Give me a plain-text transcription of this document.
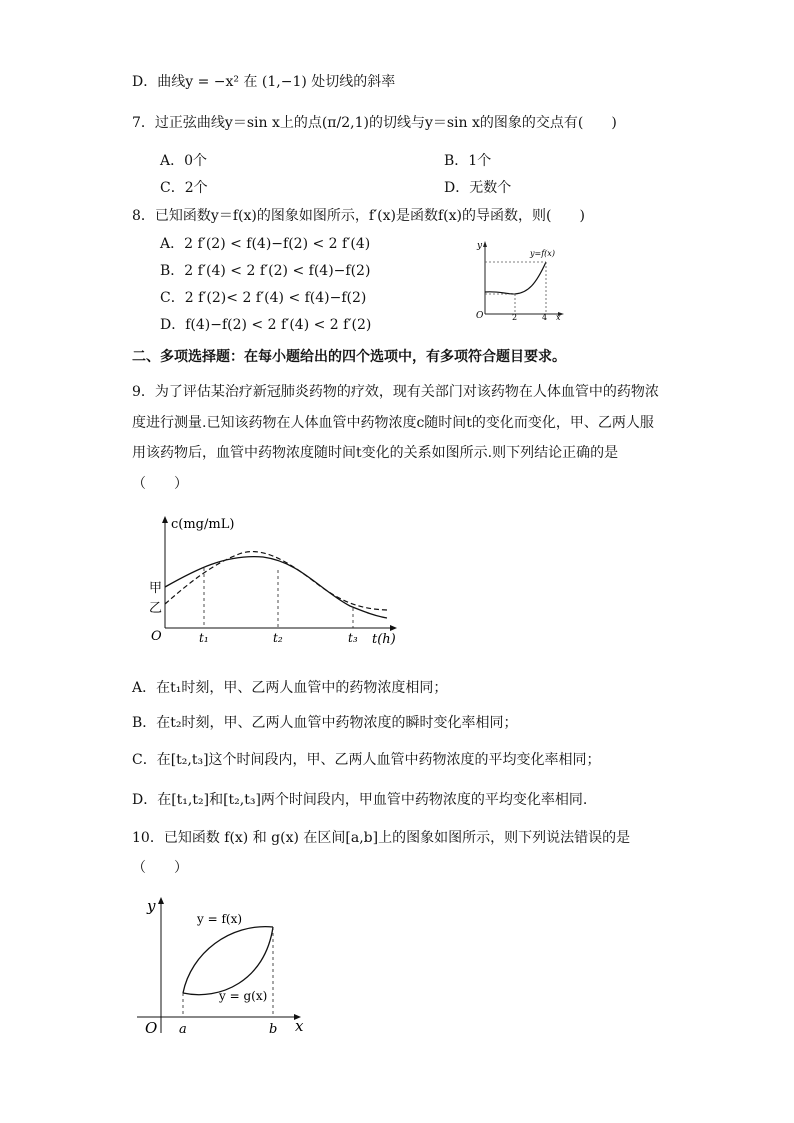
D．曲线y = −x² 在 (1,−1) 处切线的斜率
7．过正弦曲线y＝sin x上的点(π/2,1)的切线与y＝sin x的图象的交点有(　　)
A．0个	B．1个
C．2个	D．无数个
8．已知函数y＝f(x)的图象如图所示，f′(x)是函数f(x)的导函数，则(　　)
A．2 f′(2) < f(4)−f(2) < 2 f′(4)
B．2 f′(4) < 2 f′(2) < f(4)−f(2)
C．2 f′(2)< 2 f′(4) < f(4)−f(2)
D．f(4)−f(2) < 2 f′(4) < 2 f′(2)
y
y=f(x)
O	2	4 x
二、多项选择题：在每小题给出的四个选项中，有多项符合题目要求。
9．为了评估某治疗新冠肺炎药物的疗效，现有关部门对该药物在人体血管中的药物浓
度进行测量.已知该药物在人体血管中药物浓度c随时间t的变化而变化，甲、乙两人服
用该药物后，血管中药物浓度随时间t变化的关系如图所示.则下列结论正确的是
（　　）
c(mg/mL)
甲
乙
O	t₁	t₂	t₃ t(h)
A．在t₁时刻，甲、乙两人血管中的药物浓度相同；
B．在t₂时刻，甲、乙两人血管中药物浓度的瞬时变化率相同；
C．在[t₂,t₃]这个时间段内，甲、乙两人血管中药物浓度的平均变化率相同；
D．在[t₁,t₂]和[t₂,t₃]两个时间段内，甲血管中药物浓度的平均变化率相同.
10．已知函数 f(x) 和 g(x) 在区间[a,b]上的图象如图所示，则下列说法错误的是
（　　）
y
y = f(x)
y = g(x)
O a	b x
